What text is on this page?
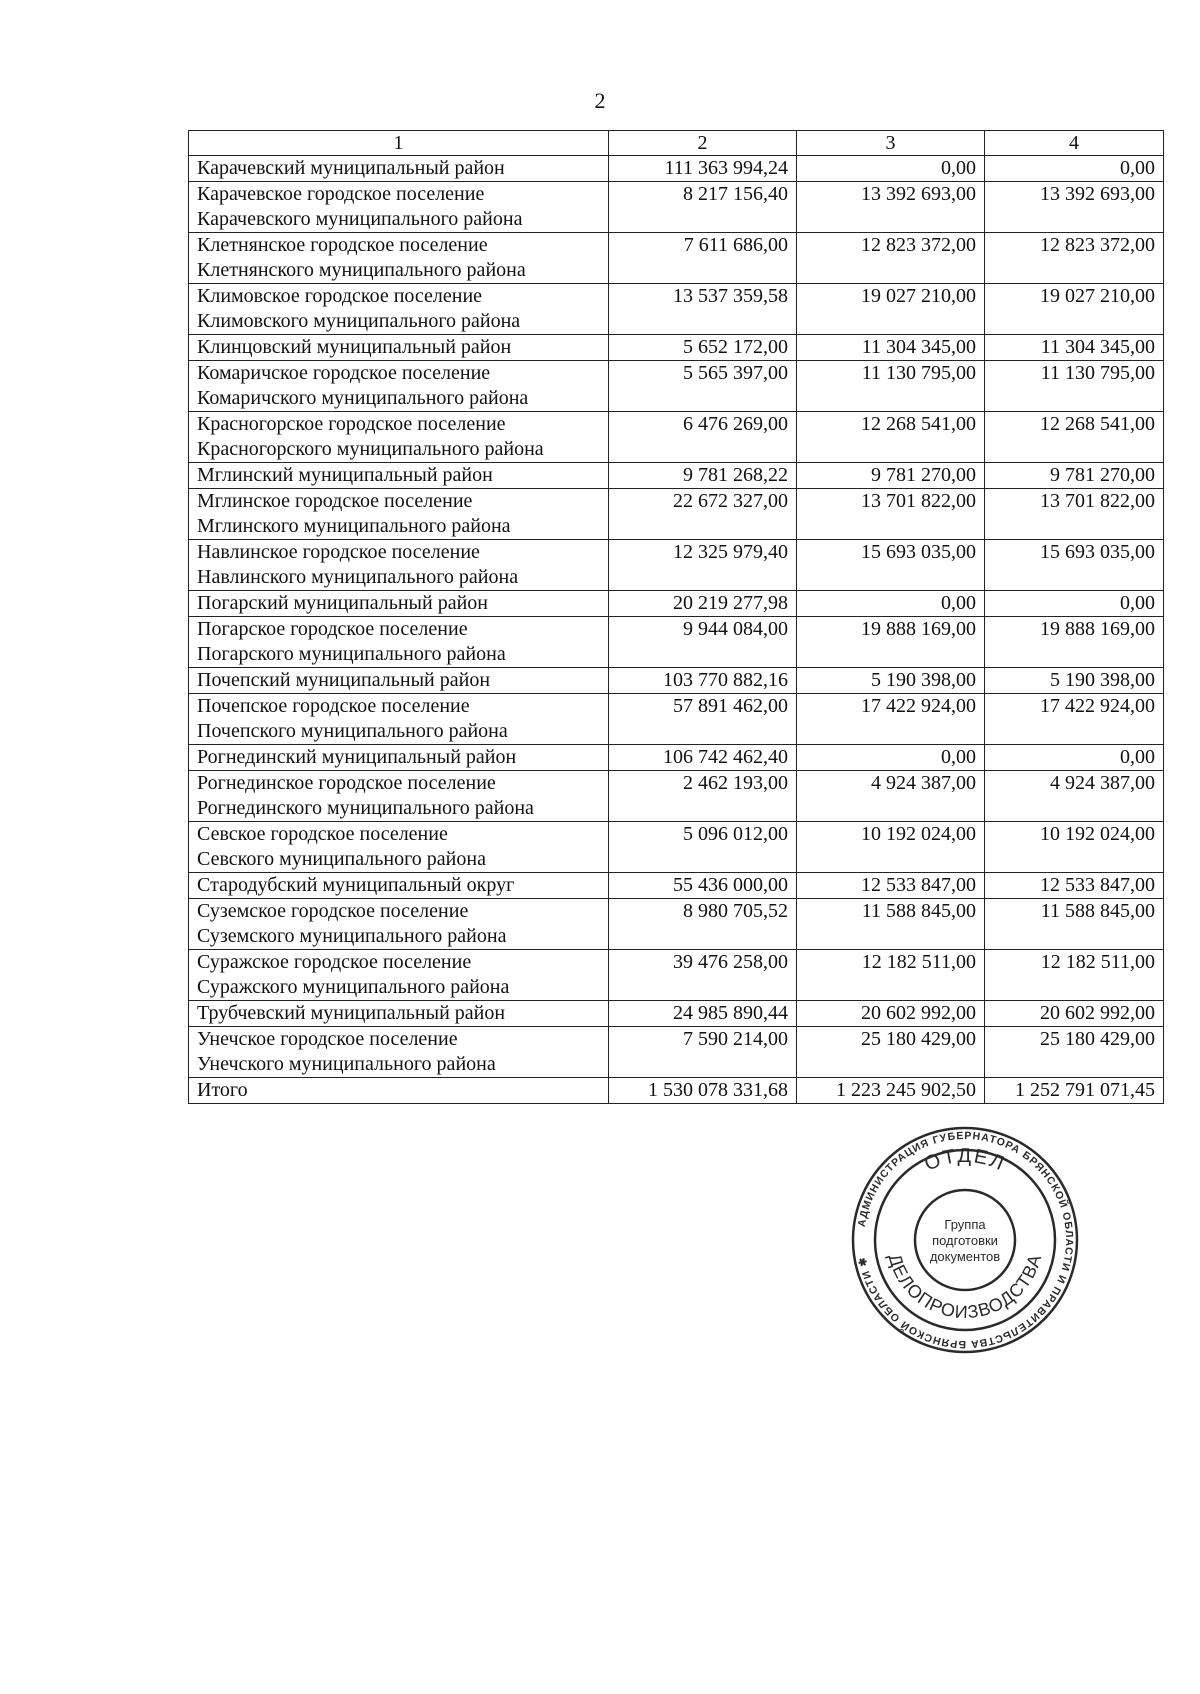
2
1	2	3	4

Карачевский муниципальный район	111 363 994,24	0,00	0,00

Карачевское городское поселение
Карачевского муниципального района	8 217 156,40	13 392 693,00	13 392 693,00

Клетнянское городское поселение
Клетнянского муниципального района	7 611 686,00	12 823 372,00	12 823 372,00

Климовское городское поселение
Климовского муниципального района	13 537 359,58	19 027 210,00	19 027 210,00

Клинцовский муниципальный район	5 652 172,00	11 304 345,00	11 304 345,00

Комаричское городское поселение
Комаричского муниципального района	5 565 397,00	11 130 795,00	11 130 795,00

Красногорское городское поселение
Красногорского муниципального района	6 476 269,00	12 268 541,00	12 268 541,00

Мглинский муниципальный район	9 781 268,22	9 781 270,00	9 781 270,00

Мглинское городское поселение
Мглинского муниципального района	22 672 327,00	13 701 822,00	13 701 822,00

Навлинское городское поселение
Навлинского муниципального района	12 325 979,40	15 693 035,00	15 693 035,00

Погарский муниципальный район	20 219 277,98	0,00	0,00

Погарское городское поселение
Погарского муниципального района	9 944 084,00	19 888 169,00	19 888 169,00

Почепский муниципальный район	103 770 882,16	5 190 398,00	5 190 398,00

Почепское городское поселение
Почепского муниципального района	57 891 462,00	17 422 924,00	17 422 924,00

Рогнединский муниципальный район	106 742 462,40	0,00	0,00

Рогнединское городское поселение
Рогнединского муниципального района	2 462 193,00	4 924 387,00	4 924 387,00

Севское городское поселение
Севского муниципального района	5 096 012,00	10 192 024,00	10 192 024,00

Стародубский муниципальный округ	55 436 000,00	12 533 847,00	12 533 847,00

Суземское городское поселение
Суземского муниципального района	8 980 705,52	11 588 845,00	11 588 845,00

Суражское городское поселение
Суражского муниципального района	39 476 258,00	12 182 511,00	12 182 511,00

Трубчевский муниципальный район	24 985 890,44	20 602 992,00	20 602 992,00

Унечское городское поселение
Унечского муниципального района	7 590 214,00	25 180 429,00	25 180 429,00
Итого	1 530 078 331,68	1 223 245 902,50	1 252 791 071,45
АДМИНИСТРАЦИЯ ГУБЕРНАТОРА БРЯНСКОЙ ОБЛАСТИ И ПРАВИТЕЛЬСТВА БРЯНСКОЙ ОБЛАСТИ ✱
ОТДЕЛ
ДЕЛОПРОИЗВОДСТВА
Группа
подготовки
документов
